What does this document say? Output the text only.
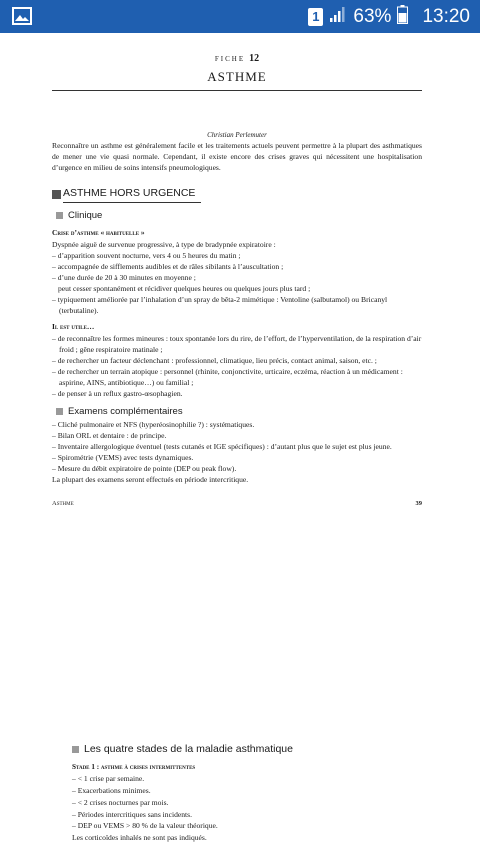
1 63% 13:20
FICHE 12
ASTHME
Christian Perlemuter

Reconnaître un asthme est généralement facile et les traitements actuels peuvent permettre à la plupart des asthmatiques de mener une vie quasi normale. Cependant, il existe encore des crises graves qui nécessitent une hospitalisation d’urgence en milieu de soins intensifs pneumologiques.

ASTHME HORS URGENCE
Clinique
Crise d’asthme « habituelle »

Dyspnée aiguë de survenue progressive, à type de bradypnée expiratoire :

– d’apparition souvent nocturne, vers 4 ou 5 heures du matin ;

– accompagnée de sifflements audibles et de râles sibilants à l’auscultation ;

– d’une durée de 20 à 30 minutes en moyenne ;

peut cesser spontanément et récidiver quelques heures ou quelques jours plus tard ;

– typiquement améliorée par l’inhalation d’un spray de bêta-2 mimétique : Ventoline (salbutamol) ou Bricanyl (terbutaline).

Il est utile…

– de reconnaître les formes mineures : toux spontanée lors du rire, de l’effort, de l’hyperventilation, de la respiration d’air froid ; gêne respiratoire matinale ;

– de rechercher un facteur déclenchant : professionnel, climatique, lieu précis, contact animal, saison, etc. ;

– de rechercher un terrain atopique : personnel (rhinite, conjonctivite, urticaire, eczéma, réaction à un médicament : aspirine, AINS, antibiotique…) ou familial ;

– de penser à un reflux gastro-œsophagien.

Examens complémentaires

– Cliché pulmonaire et NFS (hyperéosinophilie ?) : systématiques.

– Bilan ORL et dentaire : de principe.

– Inventaire allergologique éventuel (tests cutanés et IGE spécifiques) : d’autant plus que le sujet est plus jeune.

– Spirométrie (VEMS) avec tests dynamiques.

– Mesure du débit expiratoire de pointe (DEP ou peak flow).

La plupart des examens seront effectués en période intercritique.

Asthme	39
Les quatre stades de la maladie asthmatique
Stade 1 : asthme à crises intermittentes

– < 1 crise par semaine.

– Exacerbations minimes.

– < 2 crises nocturnes par mois.

– Périodes intercritiques sans incidents.

– DEP ou VEMS > 80 % de la valeur théorique.

Les corticoïdes inhalés ne sont pas indiqués.
